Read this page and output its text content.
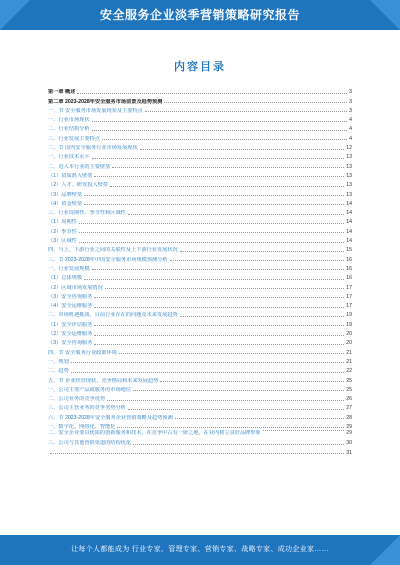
安全服务企业淡季营销策略研究报告
内容目录
第一章 概述	3
第二章 2023-2028年安全服务市场前景及趋势预测	3
一、节 安全服务市场发展现状及主要特点	3
一、行业市场现状	4
二、行业结构分析	4
三、行业发展主要特点	4
二、节 国内安全服务行业市场发展现状	12
一、行业技术水平	13
二、进入本行业的主要壁垒	13
（1）资质准入壁垒	13
（2）人才、研发投入壁垒	13
（3）品牌壁垒	13
（4）资金壁垒	14
三、行业周期性、季节性和区域性	14
（1）周期性	14
（2）季节性	14
（3）区域性	14
四、与上、下游行业之间的关联性及上下游行业发展状况	15
三、节 2023-2028年中国安全服务市场规模预测分析	16
一、行业发展规模	16
（1）总体规模	16
（2）区域市场发展情况	17
（3）安全咨询服务	17
（4）安全运维服务	17
二、市场机遇挑战、目前行业存在的问题及未来发展趋势	19
（1）安全评估服务	19
（2）安全运维服务	20
（3）安全咨询服务	20
四、节 安全服务行业政策环境	21
一、规划	21
二、趋势	22
五、节 企业经营现状、竞争格局和未来发展趋势	25
一、公司主要产品或服务的市场地位	25
二、公司业务的竞争优势	26
三、公司主营业务的竞争劣势分析	27
六、节 2023-2028年安全服务企业营销策略及趋势预测	28
一、数字化、网络化、智能化	29
二、安全企业要以优质的创新服务和技术，在竞争中占有一席之地，在业内树立良好品牌形象	29
三、公司与其他营销渠道的结构优化	30
31
让每个人都能成为 行业专家、管理专家、营销专家、战略专家、成功企业家……
